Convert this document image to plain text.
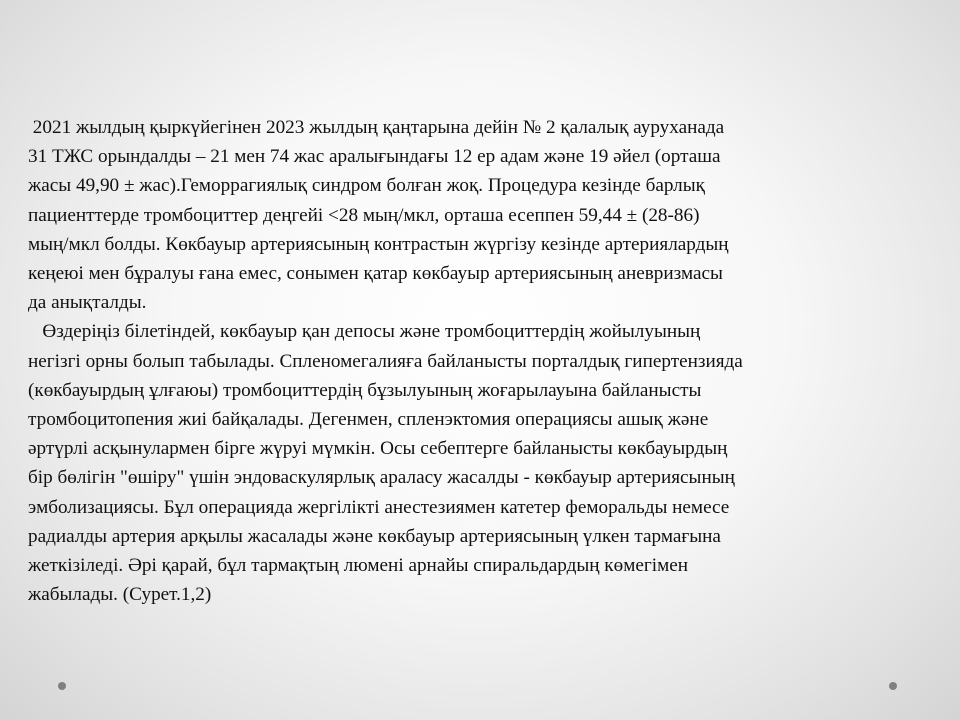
2021 жылдың қыркүйегінен 2023 жылдың қаңтарына дейін № 2 қалалық ауруханада
31 ТЖС орындалды – 21 мен 74 жас аралығындағы 12 ер адам және 19 әйел (орташа
жасы 49,90 ± жас).Геморрагиялық синдром болған жоқ. Процедура кезінде барлық
пациенттерде тромбоциттер деңгейі <28 мың/мкл, орташа есеппен 59,44 ± (28-86)
мың/мкл болды. Көкбауыр артериясының контрастын жүргізу кезінде артериялардың
кеңеюі мен бұралуы ғана емес, сонымен қатар көкбауыр артериясының аневризмасы
да анықталды.
Өздеріңіз білетіндей, көкбауыр қан депосы және тромбоциттердің жойылуының
негізгі орны болып табылады. Спленомегалияға байланысты порталдық гипертензияда
(көкбауырдың ұлғаюы) тромбоциттердің бұзылуының жоғарылауына байланысты
тромбоцитопения жиі байқалады. Дегенмен, спленэктомия операциясы ашық және
әртүрлі асқынулармен бірге жүруі мүмкін. Осы себептерге байланысты көкбауырдың
бір бөлігін "өшіру" үшін эндоваскулярлық араласу жасалды - көкбауыр артериясының
эмболизациясы. Бұл операцияда жергілікті анестезиямен катетер феморальды немесе
радиалды артерия арқылы жасалады және көкбауыр артериясының үлкен тармағына
жеткізіледі. Әрі қарай, бұл тармақтың люмені арнайы спиральдардың көмегімен
жабылады. (Сурет.1,2)
